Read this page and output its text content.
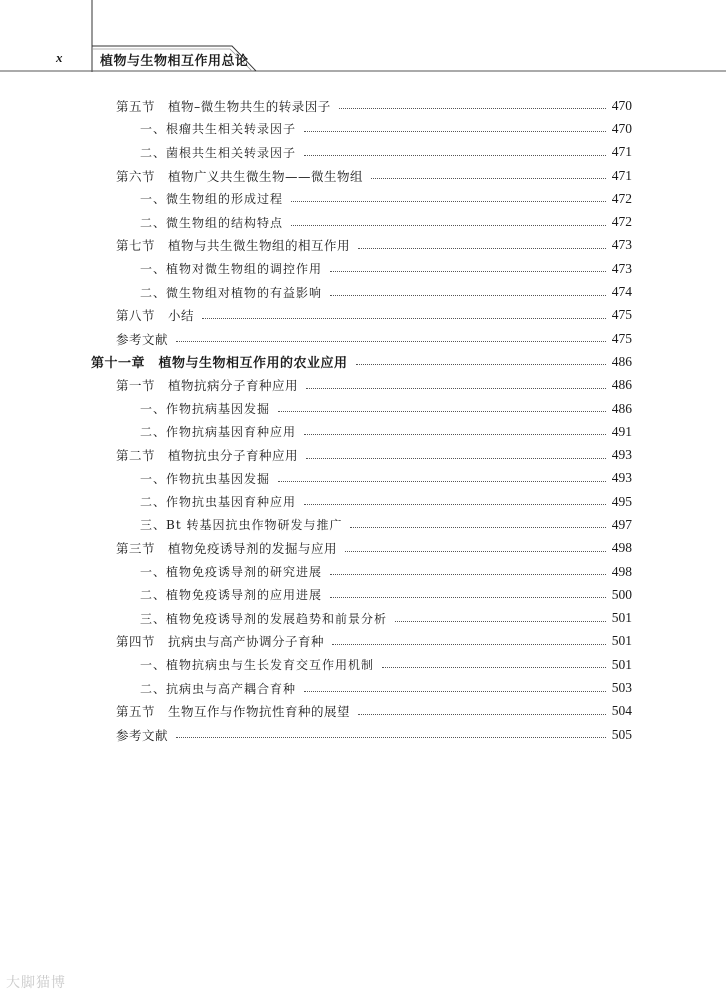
x	植物与生物相互作用总论
第五节　植物–微生物共生的转录因子	470
一、根瘤共生相关转录因子	470
二、菌根共生相关转录因子	471
第六节　植物广义共生微生物——微生物组	471
一、微生物组的形成过程	472
二、微生物组的结构特点	472
第七节　植物与共生微生物组的相互作用	473
一、植物对微生物组的调控作用	473
二、微生物组对植物的有益影响	474
第八节　小结	475
参考文献	475
第十一章　植物与生物相互作用的农业应用	486
第一节　植物抗病分子育种应用	486
一、作物抗病基因发掘	486
二、作物抗病基因育种应用	491
第二节　植物抗虫分子育种应用	493
一、作物抗虫基因发掘	493
二、作物抗虫基因育种应用	495
三、Bt 转基因抗虫作物研发与推广	497
第三节　植物免疫诱导剂的发掘与应用	498
一、植物免疫诱导剂的研究进展	498
二、植物免疫诱导剂的应用进展	500
三、植物免疫诱导剂的发展趋势和前景分析	501
第四节　抗病虫与高产协调分子育种	501
一、植物抗病虫与生长发育交互作用机制	501
二、抗病虫与高产耦合育种	503
第五节　生物互作与作物抗性育种的展望	504
参考文献	505
大脚猫博
